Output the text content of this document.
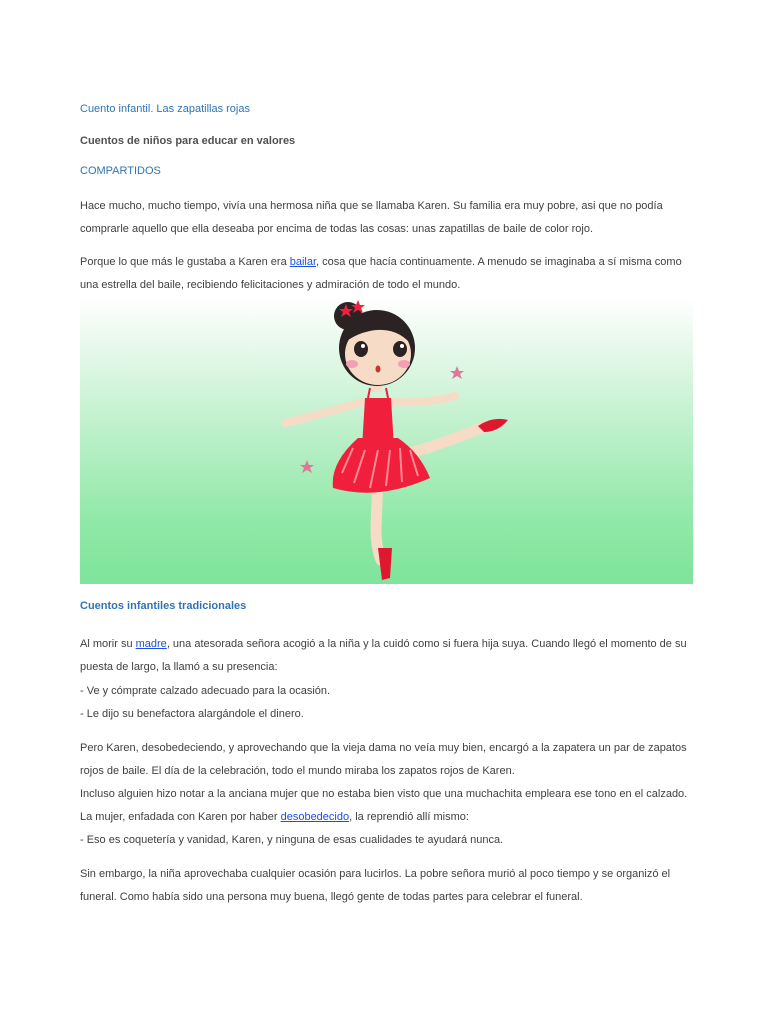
Cuento infantil. Las zapatillas rojas
Cuentos de niños para educar en valores
COMPARTIDOS
Hace mucho, mucho tiempo, vivía una hermosa niña que se llamaba Karen. Su familia era muy pobre, asi que no podía
comprarle aquello que ella deseaba por encima de todas las cosas: unas zapatillas de baile de color rojo.
Porque lo que más le gustaba a Karen era bailar, cosa que hacía continuamente. A menudo se imaginaba a sí misma como
una estrella del baile, recibiendo felicitaciones y admiración de todo el mundo.
Cuentos infantiles tradicionales
Al morir su madre, una atesorada señora acogió a la niña y la cuidó como si fuera hija suya. Cuando llegó el momento de su
puesta de largo, la llamó a su presencia:
- Ve y cómprate calzado adecuado para la ocasión.
- Le dijo su benefactora alargándole el dinero.
Pero Karen, desobedeciendo, y aprovechando que la vieja dama no veía muy bien, encargó a la zapatera un par de zapatos
rojos de baile. El día de la celebración, todo el mundo miraba los zapatos rojos de Karen.
Incluso alguien hizo notar a la anciana mujer que no estaba bien visto que una muchachita empleara ese tono en el calzado.
La mujer, enfadada con Karen por haber desobedecido, la reprendió allí mismo:
- Eso es coquetería y vanidad, Karen, y ninguna de esas cualidades te ayudará nunca.
Sin embargo, la niña aprovechaba cualquier ocasión para lucirlos. La pobre señora murió al poco tiempo y se organizó el
funeral. Como había sido una persona muy buena, llegó gente de todas partes para celebrar el funeral.
